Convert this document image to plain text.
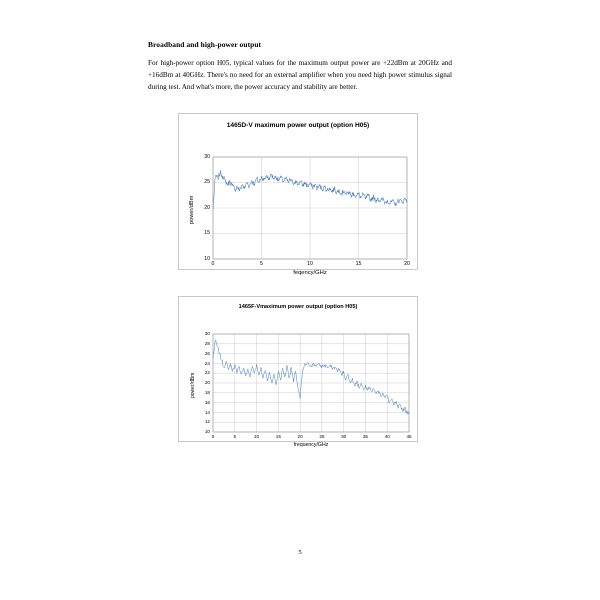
Broadband and high-power output

For high-power option H05, typical values for the maximum output power are +22dBm at 20GHz and +16dBm at 40GHz. There's no need for an external amplifier when you need high power stimulus signal during test. And what's more, the power accuracy and stability are better.

1465D-V maximum power output (option H05)
power/dBm
feqency/GHz
10
15
20
25
30
0	5	10	15	20
1465F-Vmaximum power output (option H05)
power/dBm
frequency/GHz
10
12
14
16
18
20
22
24
26
28
30
0	5	10	15	20	25	30	35	40	45
5
